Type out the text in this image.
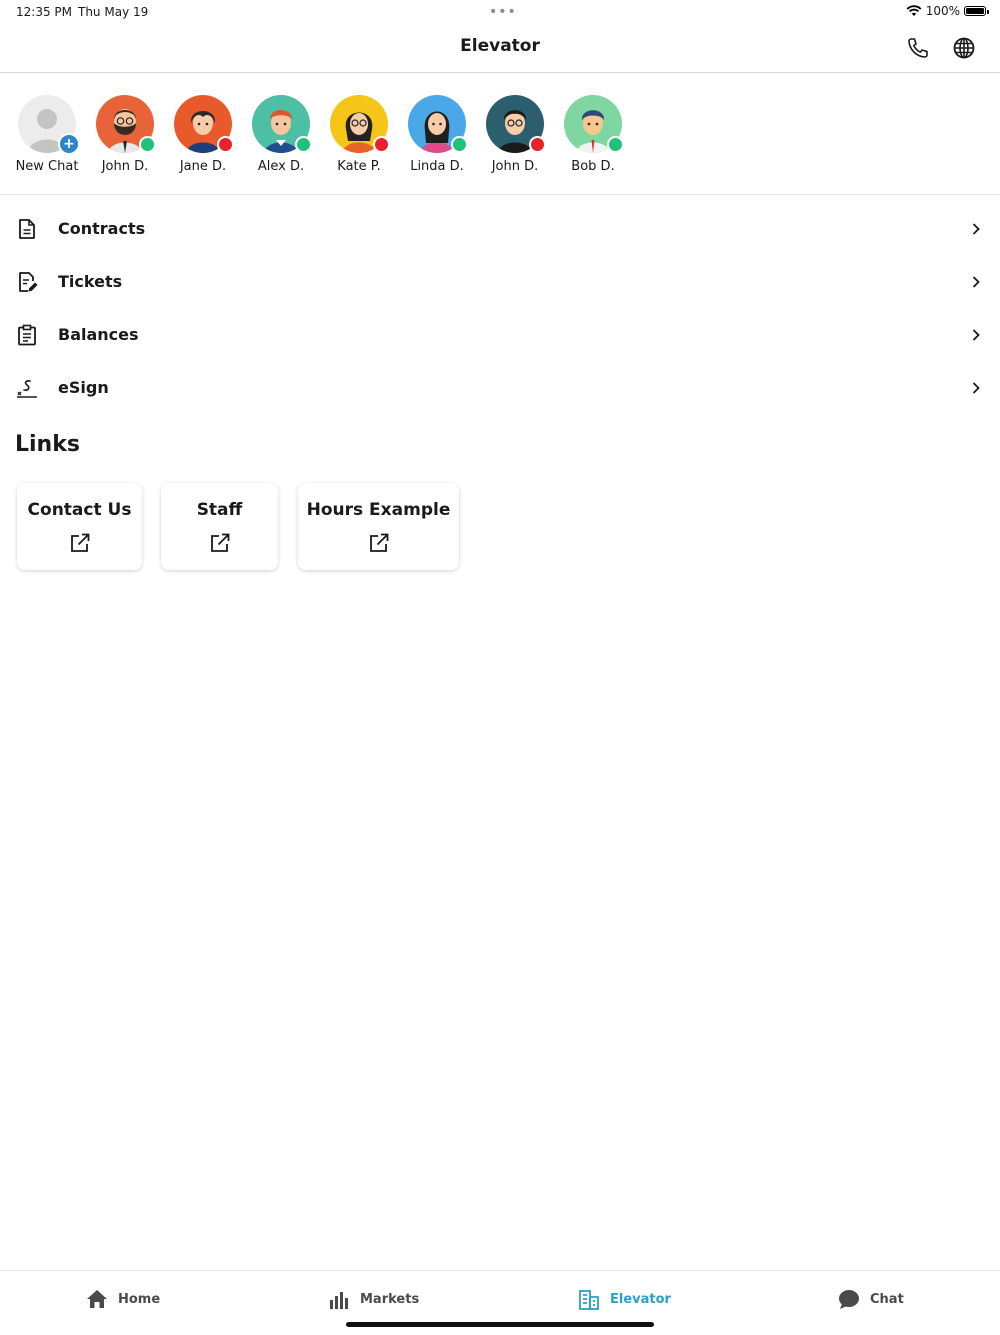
12:35 PM Thu May 19	•••	100%
Elevator
+
New Chat	John D.	Jane D.	Alex D.	Kate P.	Linda D.	John D.	Bob D.
Contracts
Tickets
Balances
eSign
Links
Contact Us	Staff	Hours Example
Home	Markets	Elevator	Chat
